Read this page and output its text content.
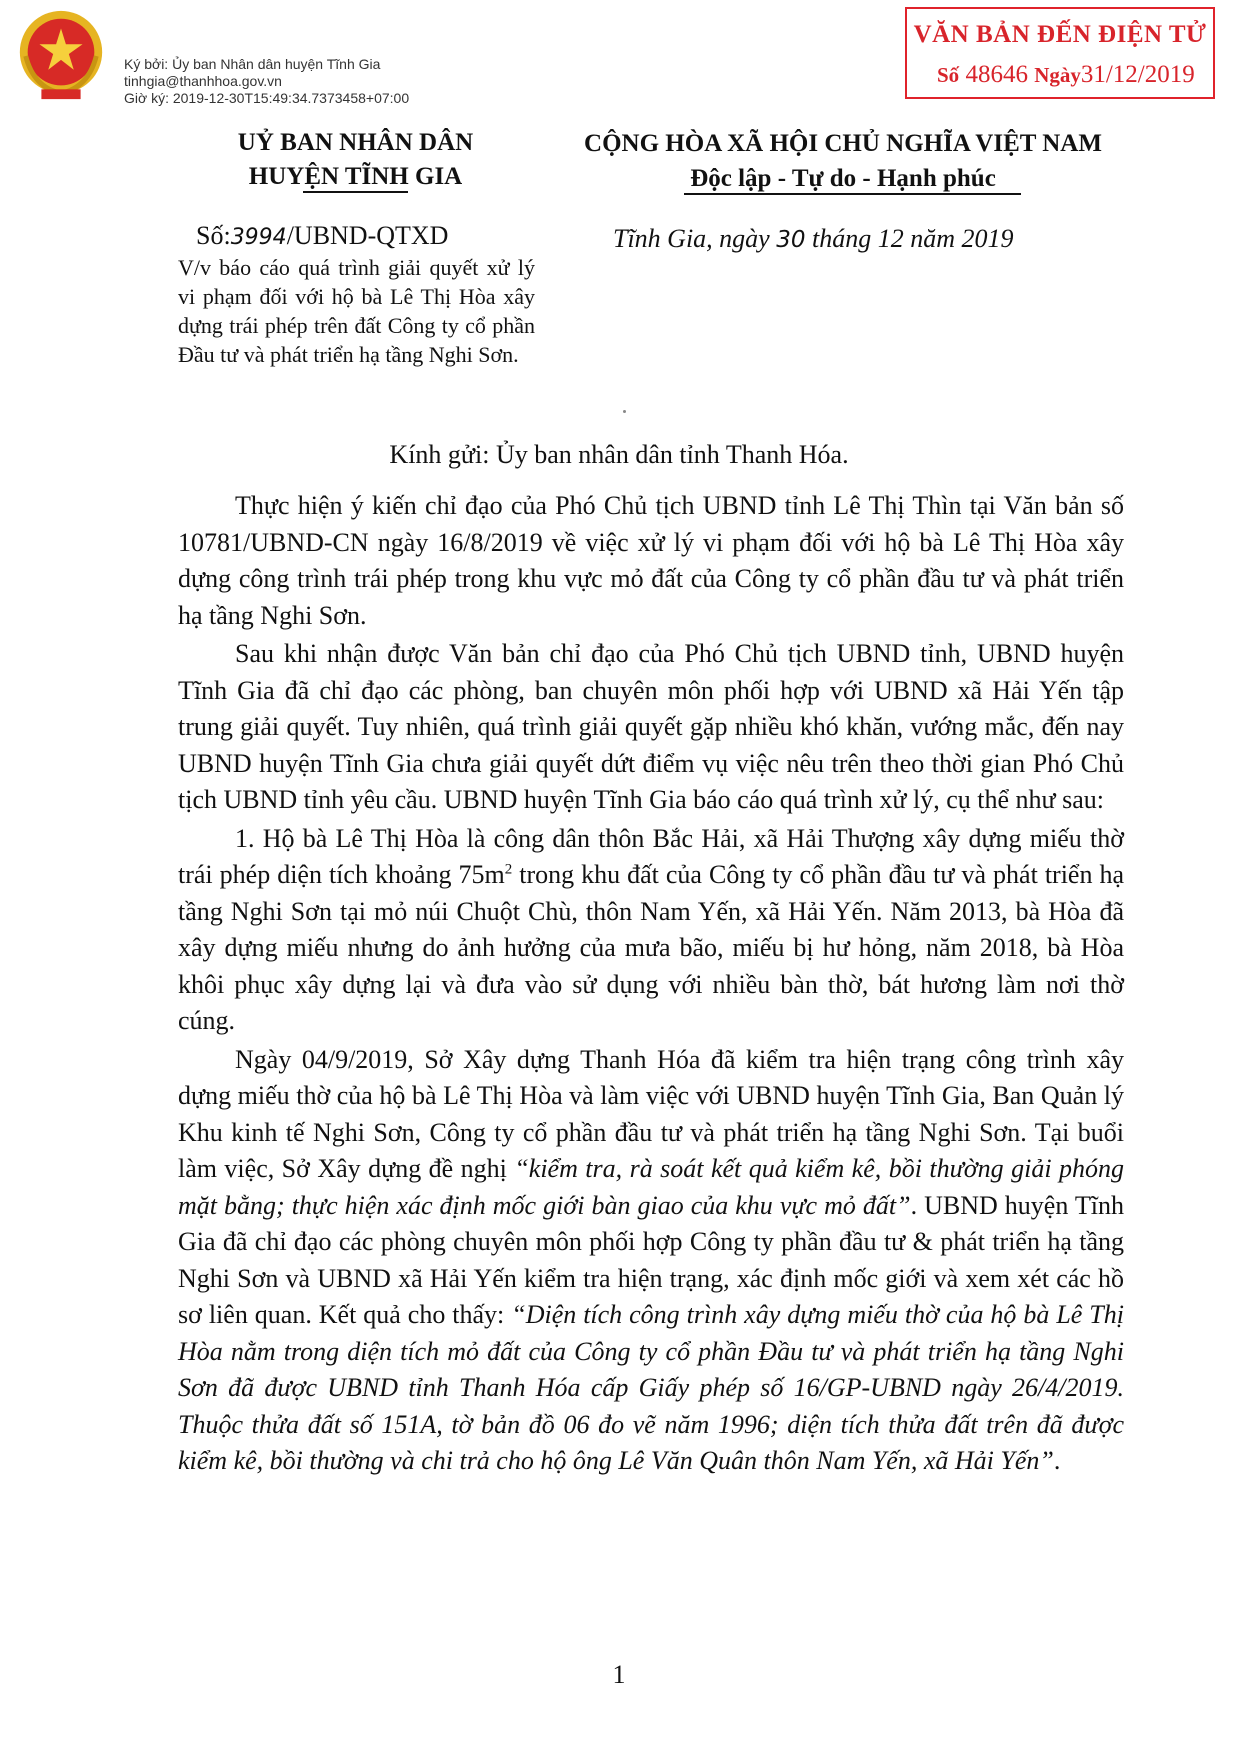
Ký bởi: Ủy ban Nhân dân huyện Tĩnh Gia
tinhgia@thanhhoa.gov.vn
Giờ ký: 2019-12-30T15:49:34.7373458+07:00
VĂN BẢN ĐẾN ĐIỆN TỬ
Số 48646 Ngày31/12/2019
UỶ BAN NHÂN DÂN
HUYỆN TĨNH GIA
CỘNG HÒA XÃ HỘI CHỦ NGHĨA VIỆT NAM
Độc lập - Tự do - Hạnh phúc
Số:3994/UBND-QTXD
V/v báo cáo quá trình giải quyết xử lý vi phạm đối với hộ bà Lê Thị Hòa xây dựng trái phép trên đất Công ty cổ phần Đầu tư và phát triển hạ tầng Nghi Sơn.
Tĩnh Gia, ngày 30 tháng 12 năm 2019
Kính gửi: Ủy ban nhân dân tỉnh Thanh Hóa.

Thực hiện ý kiến chỉ đạo của Phó Chủ tịch UBND tỉnh Lê Thị Thìn tại Văn bản số 10781/UBND-CN ngày 16/8/2019 về việc xử lý vi phạm đối với hộ bà Lê Thị Hòa xây dựng công trình trái phép trong khu vực mỏ đất của Công ty cổ phần đầu tư và phát triển hạ tầng Nghi Sơn.

Sau khi nhận được Văn bản chỉ đạo của Phó Chủ tịch UBND tỉnh, UBND huyện Tĩnh Gia đã chỉ đạo các phòng, ban chuyên môn phối hợp với UBND xã Hải Yến tập trung giải quyết. Tuy nhiên, quá trình giải quyết gặp nhiều khó khăn, vướng mắc, đến nay UBND huyện Tĩnh Gia chưa giải quyết dứt điểm vụ việc nêu trên theo thời gian Phó Chủ tịch UBND tỉnh yêu cầu. UBND huyện Tĩnh Gia báo cáo quá trình xử lý, cụ thể như sau:

1. Hộ bà Lê Thị Hòa là công dân thôn Bắc Hải, xã Hải Thượng xây dựng miếu thờ trái phép diện tích khoảng $75m^2$ trong khu đất của Công ty cổ phần đầu tư và phát triển hạ tầng Nghi Sơn tại mỏ núi Chuột Chù, thôn Nam Yến, xã Hải Yến. Năm 2013, bà Hòa đã xây dựng miếu nhưng do ảnh hưởng của mưa bão, miếu bị hư hỏng, năm 2018, bà Hòa khôi phục xây dựng lại và đưa vào sử dụng với nhiều bàn thờ, bát hương làm nơi thờ cúng.

Ngày 04/9/2019, Sở Xây dựng Thanh Hóa đã kiểm tra hiện trạng công trình xây dựng miếu thờ của hộ bà Lê Thị Hòa và làm việc với UBND huyện Tĩnh Gia, Ban Quản lý Khu kinh tế Nghi Sơn, Công ty cổ phần đầu tư và phát triển hạ tầng Nghi Sơn. Tại buổi làm việc, Sở Xây dựng đề nghị “kiểm tra, rà soát kết quả kiểm kê, bồi thường giải phóng mặt bằng; thực hiện xác định mốc giới bàn giao của khu vực mỏ đất”. UBND huyện Tĩnh Gia đã chỉ đạo các phòng chuyên môn phối hợp Công ty phần đầu tư & phát triển hạ tầng Nghi Sơn và UBND xã Hải Yến kiểm tra hiện trạng, xác định mốc giới và xem xét các hồ sơ liên quan. Kết quả cho thấy: “Diện tích công trình xây dựng miếu thờ của hộ bà Lê Thị Hòa nằm trong diện tích mỏ đất của Công ty cổ phần Đầu tư và phát triển hạ tầng Nghi Sơn đã được UBND tỉnh Thanh Hóa cấp Giấy phép số 16/GP-UBND ngày 26/4/2019. Thuộc thửa đất số 151A, tờ bản đồ 06 đo vẽ năm 1996; diện tích thửa đất trên đã được kiểm kê, bồi thường và chi trả cho hộ ông Lê Văn Quân thôn Nam Yến, xã Hải Yến”.

1
